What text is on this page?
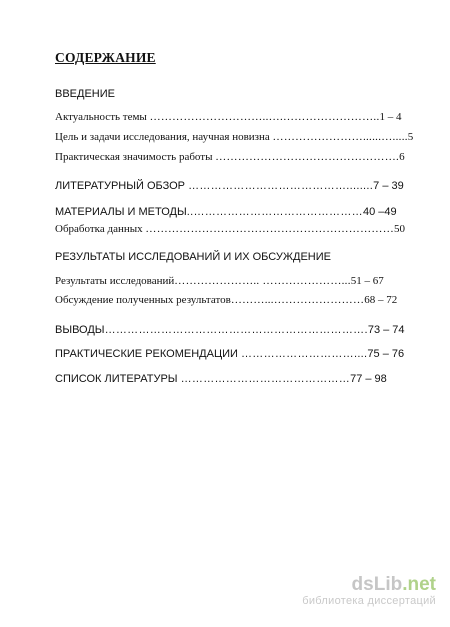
СОДЕРЖАНИЕ
ВВЕДЕНИЕ
Актуальность темы …………………………..….……………………..1 – 4
Цель и задачи исследования, научная новизна ……………………......….....5
Практическая значимость работы ………………………………………….6
ЛИТЕРАТУРНЫЙ ОБЗОР ……………………………………........7 – 39
МАТЕРИАЛЫ И МЕТОДЫ..………………………………………40 –49
Обработка данных …………………………………………………………50
РЕЗУЛЬТАТЫ ИССЛЕДОВАНИЙ И ИХ ОБСУЖДЕНИЕ
Результаты исследований………………….. …………………...51 – 67
Обсуждение полученных результатов………...……………………68 – 72
ВЫВОДЫ…………………………………………………………….73 – 74
ПРАКТИЧЕСКИЕ РЕКОМЕНДАЦИИ …………………………....75 – 76
СПИСОК ЛИТЕРАТУРЫ ………………………………………77 – 98
dsLib.net
библиотека диссертаций
